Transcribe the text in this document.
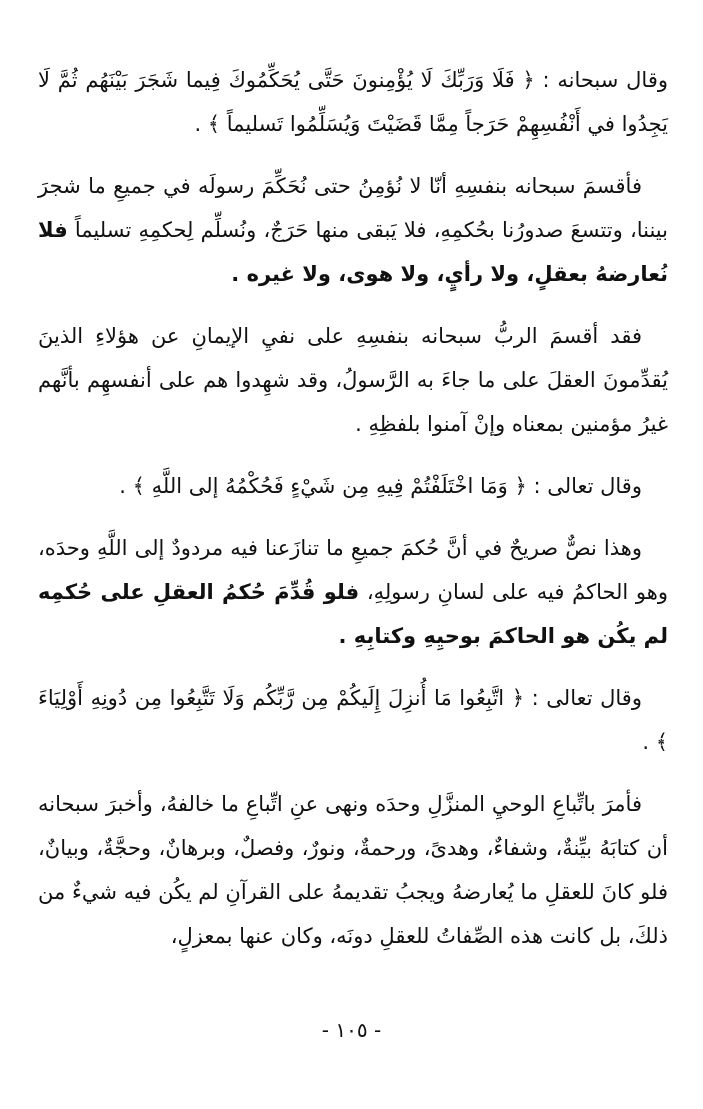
وقال سبحانه : ﴿ فَلَا وَرَبِّكَ لَا يُؤْمِنونَ حَتَّى يُحَكِّمُوكَ فِيما شَجَرَ بَيْنَهُم ثُمَّ لَا يَجِدُوا في أَنْفُسِهِمْ حَرَجاً مِمَّا قَضَيْتَ وَيُسَلِّمُوا تَسليماً ﴾ .

فأقسمَ سبحانه بنفسِهِ أنّا لا نُؤمِنُ حتى نُحَكِّمَ رسولَه في جميعِ ما شجرَ بيننا، وتتسعَ صدورُنا بحُكمِهِ، فلا يَبقى منها حَرَجٌ، ونُسلِّم لِحكمِهِ تسليماً فلا نُعارضهُ بعقلٍ، ولا رأيٍ، ولا هوى، ولا غيره .

فقد أقسمَ الربُّ سبحانه بنفسِهِ على نفيِ الإيمانِ عن هؤلاءِ الذينَ يُقدِّمونَ العقلَ على ما جاءَ به الرَّسولُ، وقد شهِدوا هم على أنفسهِم بأنَّهم غيرُ مؤمنين بمعناه وإنْ آمنوا بلفظِهِ .

وقال تعالى : ﴿ وَمَا اخْتَلَفْتُمْ فِيهِ مِن شَيْءٍ فَحُكْمُهُ إلى اللَّهِ ﴾ .

وهذا نصٌّ صريحٌ في أنَّ حُكمَ جميعِ ما تنازَعنا فيه مردودٌ إلى اللَّهِ وحدَه، وهو الحاكمُ فيه على لسانِ رسولِهِ، فلو قُدِّمَ حُكمُ العقلِ على حُكمِه لم يكُن هو الحاكمَ بوحيِهِ وكتابِهِ .

وقال تعالى : ﴿ اتَّبِعُوا مَا أُنزِلَ إِلَيكُمْ مِن رَّبِّكُم وَلَا تَتَّبِعُوا مِن دُونِهِ أَوْلِيَاءَ ﴾ .

فأمرَ باتِّباعِ الوحيِ المنزَّلِ وحدَه ونهى عنِ اتِّباعِ ما خالفهُ، وأخبرَ سبحانه أن كتابَهُ بيِّنةٌ، وشفاءٌ، وهدىً، ورحمةٌ، ونورٌ، وفصلٌ، وبرهانٌ، وحجَّةٌ، وبيانٌ، فلو كانَ للعقلِ ما يُعارضهُ ويجبُ تقديمهُ على القرآنِ لم يكُن فيه شيءٌ من ذلكَ، بل كانت هذه الصِّفاتُ للعقلِ دونَه، وكان عنها بمعزلٍ،

- ١٠٥ -
